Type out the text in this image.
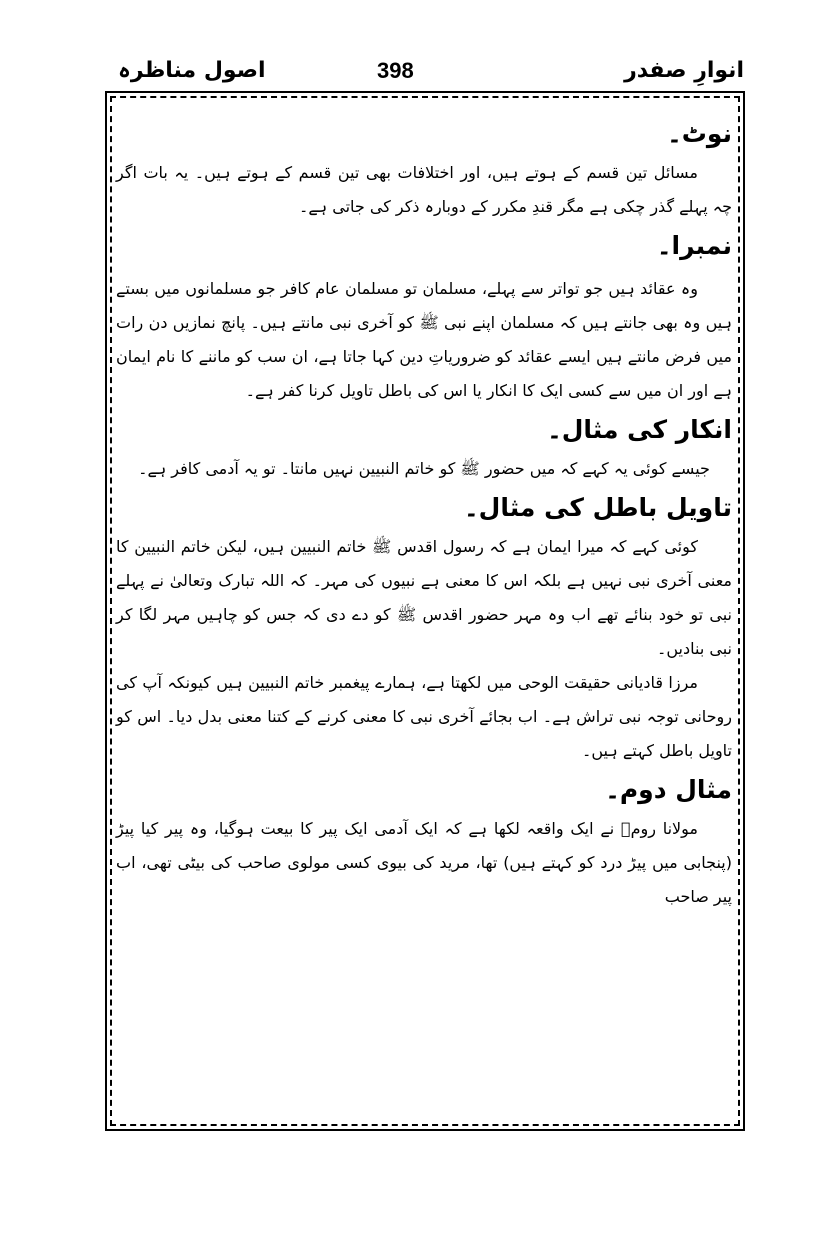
اصول مناظرہ	398	انوارِ صفدر
نوٹ۔

مسائل تین قسم کے ہوتے ہیں، اور اختلافات بھی تین قسم کے ہوتے ہیں۔ یہ بات اگر چہ پہلے گذر چکی ہے مگر قندِ مکرر کے دوبارہ ذکر کی جاتی ہے۔

نمبرا۔

وہ عقائد ہیں جو تواتر سے پہلے، مسلمان تو مسلمان عام کافر جو مسلمانوں میں بستے ہیں وہ بھی جانتے ہیں کہ مسلمان اپنے نبی ﷺ کو آخری نبی مانتے ہیں۔ پانچ نمازیں دن رات میں فرض مانتے ہیں ایسے عقائد کو ضروریاتِ دین کہا جاتا ہے، ان سب کو ماننے کا نام ایمان ہے اور ان میں سے کسی ایک کا انکار یا اس کی باطل تاویل کرنا کفر ہے۔

انکار کی مثال۔

جیسے کوئی یہ کہے کہ میں حضور ﷺ کو خاتم النبیین نہیں مانتا۔ تو یہ آدمی کافر ہے۔

تاویل باطل کی مثال۔

کوئی کہے کہ میرا ایمان ہے کہ رسول اقدس ﷺ خاتم النبیین ہیں، لیکن خاتم النبیین کا معنی آخری نبی نہیں ہے بلکہ اس کا معنی ہے نبیوں کی مہر۔ کہ اللہ تبارک وتعالیٰ نے پہلے نبی تو خود بنائے تھے اب وہ مہر حضور اقدس ﷺ کو دے دی کہ جس کو چاہیں مہر لگا کر نبی بنادیں۔

مرزا قادیانی حقیقت الوحی میں لکھتا ہے، ہمارے پیغمبر خاتم النبیین ہیں کیونکہ آپ کی روحانی توجہ نبی تراش ہے۔ اب بجائے آخری نبی کا معنی کرنے کے کتنا معنی بدل دیا۔ اس کو تاویل باطل کہتے ہیں۔

مثال دوم۔

مولانا رومؒ نے ایک واقعہ لکھا ہے کہ ایک آدمی ایک پیر کا بیعت ہوگیا، وہ پیر کیا پیڑ (پنجابی میں پیڑ درد کو کہتے ہیں) تھا، مرید کی بیوی کسی مولوی صاحب کی بیٹی تھی، اب پیر صاحب
